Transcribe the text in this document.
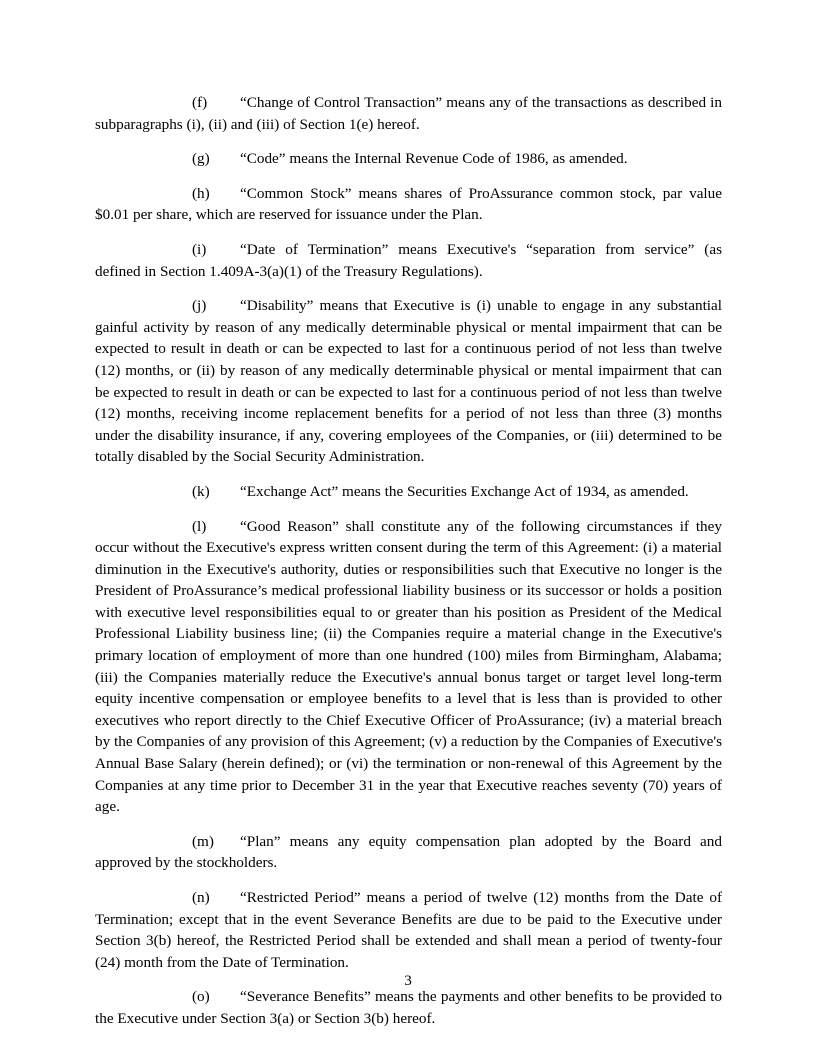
(f) “Change of Control Transaction” means any of the transactions as described in subparagraphs (i), (ii) and (iii) of Section 1(e) hereof.

(g) “Code” means the Internal Revenue Code of 1986, as amended.

(h) “Common Stock” means shares of ProAssurance common stock, par value $0.01 per share, which are reserved for issuance under the Plan.

(i) “Date of Termination” means Executive's “separation from service” (as defined in Section 1.409A-3(a)(1) of the Treasury Regulations).

(j) “Disability” means that Executive is (i) unable to engage in any substantial gainful activity by reason of any medically determinable physical or mental impairment that can be expected to result in death or can be expected to last for a continuous period of not less than twelve (12) months, or (ii) by reason of any medically determinable physical or mental impairment that can be expected to result in death or can be expected to last for a continuous period of not less than twelve (12) months, receiving income replacement benefits for a period of not less than three (3) months under the disability insurance, if any, covering employees of the Companies, or (iii) determined to be totally disabled by the Social Security Administration.

(k) “Exchange Act” means the Securities Exchange Act of 1934, as amended.

(l) “Good Reason” shall constitute any of the following circumstances if they occur without the Executive's express written consent during the term of this Agreement: (i) a material diminution in the Executive's authority, duties or responsibilities such that Executive no longer is the President of ProAssurance’s medical professional liability business or its successor or holds a position with executive level responsibilities equal to or greater than his position as President of the Medical Professional Liability business line; (ii) the Companies require a material change in the Executive's primary location of employment of more than one hundred (100) miles from Birmingham, Alabama; (iii) the Companies materially reduce the Executive's annual bonus target or target level long-term equity incentive compensation or employee benefits to a level that is less than is provided to other executives who report directly to the Chief Executive Officer of ProAssurance; (iv) a material breach by the Companies of any provision of this Agreement; (v) a reduction by the Companies of Executive's Annual Base Salary (herein defined); or (vi) the termination or non-renewal of this Agreement by the Companies at any time prior to December 31 in the year that Executive reaches seventy (70) years of age.

(m) “Plan” means any equity compensation plan adopted by the Board and approved by the stockholders.

(n) “Restricted Period” means a period of twelve (12) months from the Date of Termination; except that in the event Severance Benefits are due to be paid to the Executive under Section 3(b) hereof, the Restricted Period shall be extended and shall mean a period of twenty-four (24) month from the Date of Termination.

(o) “Severance Benefits” means the payments and other benefits to be provided to the Executive under Section 3(a) or Section 3(b) hereof.

3
